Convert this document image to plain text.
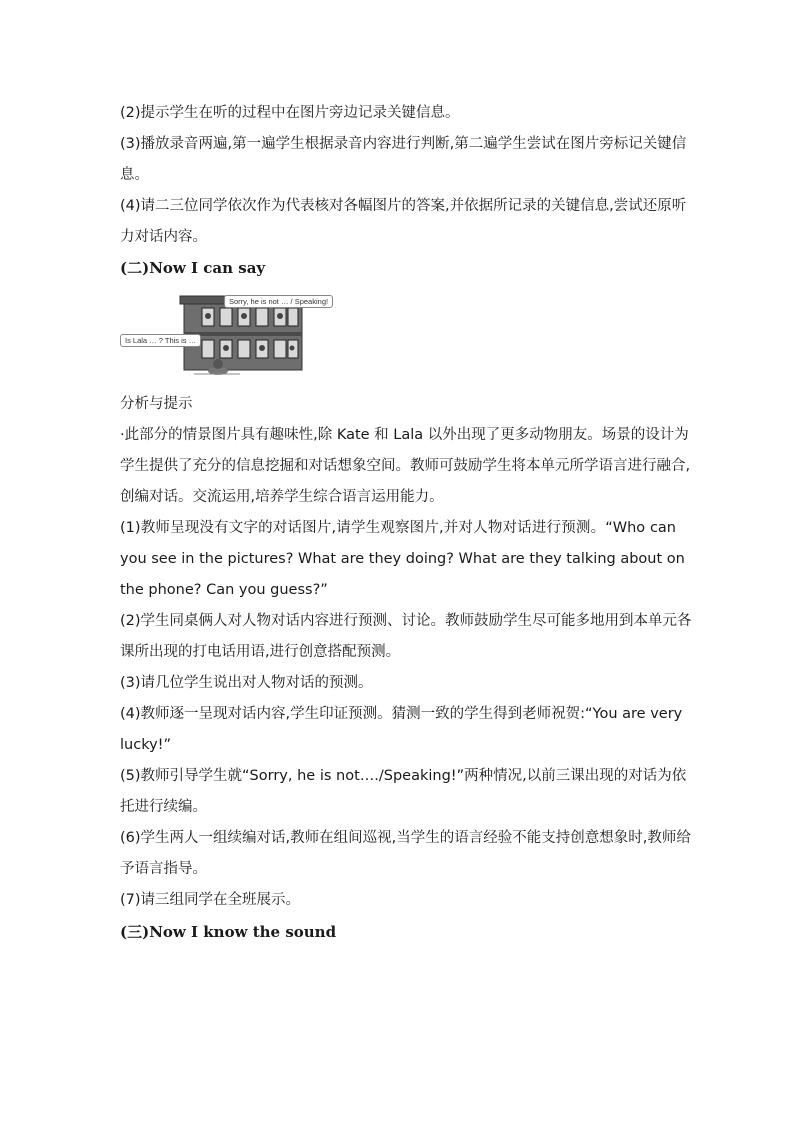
(2)提示学生在听的过程中在图片旁边记录关键信息。
(3)播放录音两遍,第一遍学生根据录音内容进行判断,第二遍学生尝试在图片旁标记关键信
息。
(4)请二三位同学依次作为代表核对各幅图片的答案,并依据所记录的关键信息,尝试还原听
力对话内容。
(二)Now I can say
Sorry, he is not … / Speaking!
Is Lala … ? This is …
分析与提示
·此部分的情景图片具有趣味性,除 Kate 和 Lala 以外出现了更多动物朋友。场景的设计为
学生提供了充分的信息挖掘和对话想象空间。教师可鼓励学生将本单元所学语言进行融合,
创编对话。交流运用,培养学生综合语言运用能力。
(1)教师呈现没有文字的对话图片,请学生观察图片,并对人物对话进行预测。“Who can
you see in the pictures? What are they doing? What are they talking about on
the phone? Can you guess?”
(2)学生同桌俩人对人物对话内容进行预测、讨论。教师鼓励学生尽可能多地用到本单元各
课所出现的打电话用语,进行创意搭配预测。
(3)请几位学生说出对人物对话的预测。
(4)教师逐一呈现对话内容,学生印证预测。猜测一致的学生得到老师祝贺:“You are very
lucky!”
(5)教师引导学生就“Sorry, he is not…./Speaking!”两种情况,以前三课出现的对话为依
托进行续编。
(6)学生两人一组续编对话,教师在组间巡视,当学生的语言经验不能支持创意想象时,教师给
予语言指导。
(7)请三组同学在全班展示。
(三)Now I know the sound
